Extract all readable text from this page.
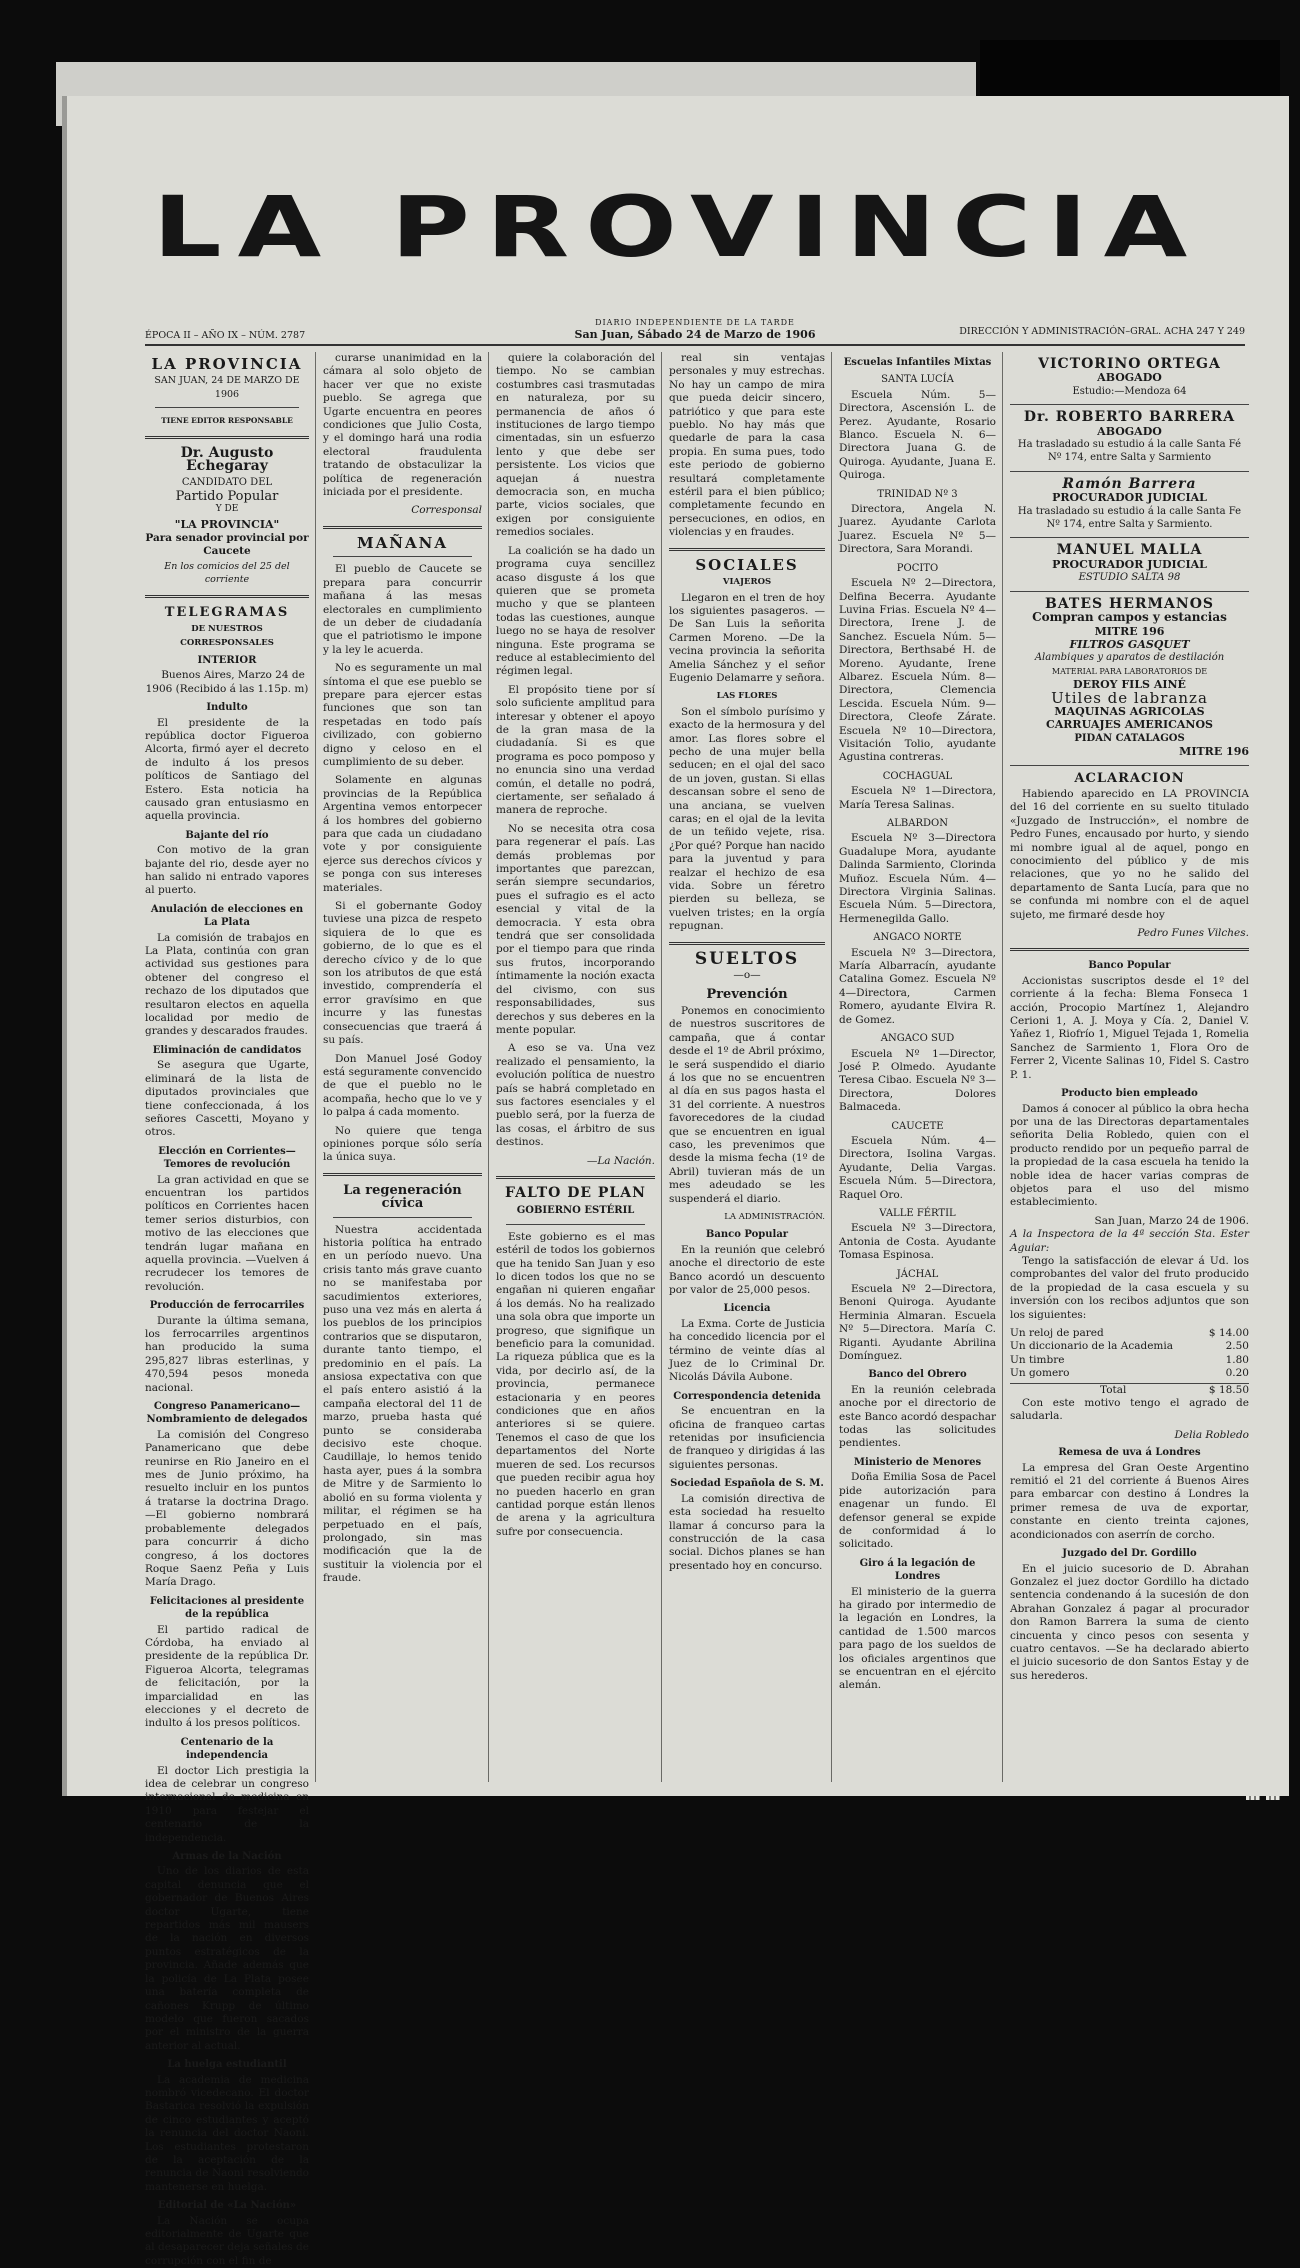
LA PROVINCIA
ÉPOCA II – AÑO IX – NÚM. 2787
DIARIO INDEPENDIENTE DE LA TARDE
San Juan, Sábado 24 de Marzo de 1906	DIRECCIÓN Y ADMINISTRACIÓN–GRAL. ACHA 247 Y 249
LA PROVINCIA
SAN JUAN, 24 DE MARZO DE 1906
TIENE EDITOR RESPONSABLE
Dr. Augusto Echegaray
CANDIDATO DEL
Partido Popular
Y DE
"LA PROVINCIA"
Para senador provincial por Caucete
En los comicios del 25 del corriente
TELEGRAMAS
DE NUESTROS CORRESPONSALES
INTERIOR

Buenos Aires, Marzo 24 de 1906 (Recibido á las 1.15p. m)

Indulto

El presidente de la república doctor Figueroa Alcorta, firmó ayer el decreto de indulto á los presos políticos de Santiago del Estero. Esta noticia ha causado gran entusiasmo en aquella provincia.

Bajante del río

Con motivo de la gran bajante del rio, desde ayer no han salido ni entrado vapores al puerto.

Anulación de elecciones en La Plata

La comisión de trabajos en La Plata, continúa con gran actividad sus gestiones para obtener del congreso el rechazo de los diputados que resultaron electos en aquella localidad por medio de grandes y descarados fraudes.

Eliminación de candidatos

Se asegura que Ugarte, eliminará de la lista de diputados provinciales que tiene confeccionada, á los señores Cascetti, Moyano y otros.

Elección en Corrientes—Temores de revolución

La gran actividad en que se encuentran los partidos políticos en Corrientes hacen temer serios disturbios, con motivo de las elecciones que tendrán lugar mañana en aquella provincia. —Vuelven á recrudecer los temores de revolución.

Producción de ferrocarriles

Durante la última semana, los ferrocarriles argentinos han producido la suma 295,827 libras esterlinas, y 470,594 pesos moneda nacional.

Congreso Panamericano—Nombramiento de delegados

La comisión del Congreso Panamericano que debe reunirse en Rio Janeiro en el mes de Junio próximo, ha resuelto incluir en los puntos á tratarse la doctrina Drago. —El gobierno nombrará probablemente delegados para concurrir á dicho congreso, á los doctores Roque Saenz Peña y Luis María Drago.

Felicitaciones al presidente de la república

El partido radical de Córdoba, ha enviado al presidente de la república Dr. Figueroa Alcorta, telegramas de felicitación, por la imparcialidad en las elecciones y el decreto de indulto á los presos políticos.

Centenario de la independencia

El doctor Lich prestigia la idea de celebrar un congreso internacional de medicina en 1910 para festejar el centenario de la independencia.

Armas de la Nación

Uno de los diarios de esta capital denuncia que el gobernador de Buenos Aires doctor Ugarte, tiene repartidos más mil mausers de la nación en diversos puntos estratégicos de la provincia. Añade además que la policía de La Plata posee una batería completa de cañones Krupp de último modelo que fueron sacados por el ministro de la guerra anterior al actual.

La huelga estudiantil

La academia de medicina nombró vicedecano. El doctor Bastarica resolvió la expulsión de cinco estudiantes y aceptó la renuncia del doctor Naoni. Los estudiantes protestaron de la aceptación de la renuncia de Naoni resolviendo mantenerse en huelga.

Editorial de «La Nación»

La Nación se ocupa editorialmente de Ugarte que al desaparecer deja señales de corrupción con el fin de

curarse unanimidad en la cámara al solo objeto de hacer ver que no existe pueblo. Se agrega que Ugarte encuentra en peores condiciones que Julio Costa, y el domingo hará una rodia electoral fraudulenta tratando de obstaculizar la política de regeneración iniciada por el presidente.

Corresponsal
MAÑANA

El pueblo de Caucete se prepara para concurrir mañana á las mesas electorales en cumplimiento de un deber de ciudadanía que el patriotismo le impone y la ley le acuerda.

No es seguramente un mal síntoma el que ese pueblo se prepare para ejercer estas funciones que son tan respetadas en todo país civilizado, con gobierno digno y celoso en el cumplimiento de su deber.

Solamente en algunas provincias de la República Argentina vemos entorpecer á los hombres del gobierno para que cada un ciudadano vote y por consiguiente ejerce sus derechos cívicos y se ponga con sus intereses materiales.

Si el gobernante Godoy tuviese una pizca de respeto siquiera de lo que es gobierno, de lo que es el derecho cívico y de lo que son los atributos de que está investido, comprendería el error gravísimo en que incurre y las funestas consecuencias que traerá á su país.

Don Manuel José Godoy está seguramente convencido de que el pueblo no le acompaña, hecho que lo ve y lo palpa á cada momento.

No quiere que tenga opiniones porque sólo sería la única suya.

La regeneración cívica

Nuestra accidentada historia política ha entrado en un período nuevo. Una crisis tanto más grave cuanto no se manifestaba por sacudimientos exteriores, puso una vez más en alerta á los pueblos de los principios contrarios que se disputaron, durante tanto tiempo, el predominio en el país. La ansiosa expectativa con que el país entero asistió á la campaña electoral del 11 de marzo, prueba hasta qué punto se consideraba decisivo este choque. Caudillaje, lo hemos tenido hasta ayer, pues á la sombra de Mitre y de Sarmiento lo abolió en su forma violenta y militar, el régimen se ha perpetuado en el país, prolongado, sin mas modificación que la de sustituir la violencia por el fraude.

quiere la colaboración del tiempo. No se cambian costumbres casi trasmutadas en naturaleza, por su permanencia de años ó instituciones de largo tiempo cimentadas, sin un esfuerzo lento y que debe ser persistente. Los vicios que aquejan á nuestra democracia son, en mucha parte, vicios sociales, que exigen por consiguiente remedios sociales.

La coalición se ha dado un programa cuya sencillez acaso disguste á los que quieren que se prometa mucho y que se planteen todas las cuestiones, aunque luego no se haya de resolver ninguna. Este programa se reduce al establecimiento del régimen legal.

El propósito tiene por sí solo suficiente amplitud para interesar y obtener el apoyo de la gran masa de la ciudadanía. Si es que programa es poco pomposo y no enuncia sino una verdad común, el detalle no podrá, ciertamente, ser señalado á manera de reproche.

No se necesita otra cosa para regenerar el país. Las demás problemas por importantes que parezcan, serán siempre secundarios, pues el sufragio es el acto esencial y vital de la democracia. Y esta obra tendrá que ser consolidada por el tiempo para que rinda sus frutos, incorporando íntimamente la noción exacta del civismo, con sus responsabilidades, sus derechos y sus deberes en la mente popular.

A eso se va. Una vez realizado el pensamiento, la evolución política de nuestro país se habrá completado en sus factores esenciales y el pueblo será, por la fuerza de las cosas, el árbitro de sus destinos.

—La Nación.
FALTO DE PLAN
GOBIERNO ESTÉRIL

Este gobierno es el mas estéril de todos los gobiernos que ha tenido San Juan y eso lo dicen todos los que no se engañan ni quieren engañar á los demás. No ha realizado una sola obra que importe un progreso, que signifique un beneficio para la comunidad. La riqueza pública que es la vida, por decirlo así, de la provincia, permanece estacionaria y en peores condiciones que en años anteriores si se quiere. Tenemos el caso de que los departamentos del Norte mueren de sed. Los recursos que pueden recibir agua hoy no pueden hacerlo en gran cantidad porque están llenos de arena y la agricultura sufre por consecuencia.

real sin ventajas personales y muy estrechas. No hay un campo de mira que pueda deicir sincero, patriótico y que para este pueblo. No hay más que quedarle de para la casa propia. En suma pues, todo este periodo de gobierno resultará completamente estéril para el bien público; completamente fecundo en persecuciones, en odios, en violencias y en fraudes.

SOCIALES
VIAJEROS

Llegaron en el tren de hoy los siguientes pasageros. —De San Luis la señorita Carmen Moreno. —De la vecina provincia la señorita Amelia Sánchez y el señor Eugenio Delamarre y señora.

LAS FLORES

Son el símbolo purísimo y exacto de la hermosura y del amor. Las flores sobre el pecho de una mujer bella seducen; en el ojal del saco de un joven, gustan. Si ellas descansan sobre el seno de una anciana, se vuelven caras; en el ojal de la levita de un teñido vejete, risa. ¿Por qué? Porque han nacido para la juventud y para realzar el hechizo de esa vida. Sobre un féretro pierden su belleza, se vuelven tristes; en la orgía repugnan.

SUELTOS
—o—
Prevención

Ponemos en conocimiento de nuestros suscritores de campaña, que á contar desde el 1º de Abril próximo, le será suspendido el diario á los que no se encuentren al día en sus pagos hasta el 31 del corriente. A nuestros favorecedores de la ciudad que se encuentren en igual caso, les prevenimos que desde la misma fecha (1º de Abril) tuvieran más de un mes adeudado se les suspenderá el diario.

LA ADMINISTRACIÓN.
Banco Popular

En la reunión que celebró anoche el directorio de este Banco acordó un descuento por valor de 25,000 pesos.

Licencia

La Exma. Corte de Justicia ha concedido licencia por el término de veinte días al Juez de lo Criminal Dr. Nicolás Dávila Aubone.

Correspondencia detenida

Se encuentran en la oficina de franqueo cartas retenidas por insuficiencia de franqueo y dirigidas á las siguientes personas.

Sociedad Española de S. M.

La comisión directiva de esta sociedad ha resuelto llamar á concurso para la construcción de la casa social. Dichos planes se han presentado hoy en concurso.

Escuelas Infantiles Mixtas
SANTA LUCÍA

Escuela Núm. 5—Directora, Ascensión L. de Perez. Ayudante, Rosario Blanco. Escuela N. 6—Directora Juana G. de Quiroga. Ayudante, Juana E. Quiroga.

TRINIDAD Nº 3

Directora, Angela N. Juarez. Ayudante Carlota Juarez. Escuela Nº 5—Directora, Sara Morandi.

POCITO

Escuela Nº 2—Directora, Delfina Becerra. Ayudante Luvina Frias. Escuela Nº 4—Directora, Irene J. de Sanchez. Escuela Núm. 5—Directora, Berthsabé H. de Moreno. Ayudante, Irene Albarez. Escuela Núm. 8—Directora, Clemencia Lescida. Escuela Núm. 9—Directora, Cleofe Zárate. Escuela Nº 10—Directora, Visitación Tolio, ayudante Agustina contreras.

COCHAGUAL

Escuela Nº 1—Directora, María Teresa Salinas.

ALBARDON

Escuela Nº 3—Directora Guadalupe Mora, ayudante Dalinda Sarmiento, Clorinda Muñoz. Escuela Núm. 4—Directora Virginia Salinas. Escuela Núm. 5—Directora, Hermenegilda Gallo.

ANGACO NORTE

Escuela Nº 3—Directora, María Albarracín, ayudante Catalina Gomez. Escuela Nº 4—Directora, Carmen Romero, ayudante Elvira R. de Gomez.

ANGACO SUD

Escuela Nº 1—Director, José P. Olmedo. Ayudante Teresa Cibao. Escuela Nº 3—Directora, Dolores Balmaceda.

CAUCETE

Escuela Núm. 4—Directora, Isolina Vargas. Ayudante, Delia Vargas. Escuela Núm. 5—Directora, Raquel Oro.

VALLE FÉRTIL

Escuela Nº 3—Directora, Antonia de Costa. Ayudante Tomasa Espinosa.

JÁCHAL

Escuela Nº 2—Directora, Benoni Quiroga. Ayudante Herminia Almaran. Escuela Nº 5—Directora. María C. Riganti. Ayudante Abrilina Domínguez.

Banco del Obrero

En la reunión celebrada anoche por el directorio de este Banco acordó despachar todas las solicitudes pendientes.

Ministerio de Menores

Doña Emilia Sosa de Pacel pide autorización para enagenar un fundo. El defensor general se expide de conformidad á lo solicitado.

Giro á la legación de Londres

El ministerio de la guerra ha girado por intermedio de la legación en Londres, la cantidad de 1.500 marcos para pago de los sueldos de los oficiales argentinos que se encuentran en el ejército alemán.

VICTORINO ORTEGA
ABOGADO
Estudio:—Mendoza 64
Dr. ROBERTO BARRERA
ABOGADO
Ha trasladado su estudio á la calle Santa Fé Nº 174, entre Salta y Sarmiento
Ramón Barrera
PROCURADOR JUDICIAL
Ha trasladado su estudio á la calle Santa Fe Nº 174, entre Salta y Sarmiento.
MANUEL MALLA
PROCURADOR JUDICIAL
ESTUDIO SALTA 98
BATES HERMANOS
Compran campos y estancias
MITRE 196
FILTROS GASQUET
Alambiques y aparatos de destilación
MATERIAL PARA LABORATORIOS DE
DEROY FILS AINÉ
Utiles de labranza
MAQUINAS AGRICOLAS
CARRUAJES AMERICANOS
PIDAN CATALAGOS
MITRE 196
ACLARACION

Habiendo aparecido en LA PROVINCIA del 16 del corriente en su suelto titulado «Juzgado de Instrucción», el nombre de Pedro Funes, encausado por hurto, y siendo mi nombre igual al de aquel, pongo en conocimiento del público y de mis relaciones, que yo no he salido del departamento de Santa Lucía, para que no se confunda mi nombre con el de aquel sujeto, me firmaré desde hoy

Pedro Funes Vilches.
Banco Popular

Accionistas suscriptos desde el 1º del corriente á la fecha: Blema Fonseca 1 acción, Procopio Martínez 1, Alejandro Cerioni 1, A. J. Moya y Cía. 2, Daniel V. Yañez 1, Riofrío 1, Miguel Tejada 1, Romelia Sanchez de Sarmiento 1, Flora Oro de Ferrer 2, Vicente Salinas 10, Fidel S. Castro P. 1.

Producto bien empleado

Damos á conocer al público la obra hecha por una de las Directoras departamentales señorita Delia Robledo, quien con el producto rendido por un pequeño parral de la propiedad de la casa escuela ha tenido la noble idea de hacer varias compras de objetos para el uso del mismo establecimiento.

San Juan, Marzo 24 de 1906.
A la Inspectora de la 4ª sección Sta. Ester Aguiar:

Tengo la satisfacción de elevar á Ud. los comprobantes del valor del fruto producido de la propiedad de la casa escuela y su inversión con los recibos adjuntos que son los siguientes:

Un reloj de pared	$ 14.00
Un diccionario de la Academia	2.50
Un timbre	1.80
Un gomero	0.20
Total	$ 18.50

Con este motivo tengo el agrado de saludarla.

Delia Robledo
Remesa de uva á Londres

La empresa del Gran Oeste Argentino remitió el 21 del corriente á Buenos Aires para embarcar con destino á Londres la primer remesa de uva de exportar, constante en ciento treinta cajones, acondicionados con aserrín de corcho.

Juzgado del Dr. Gordillo

En el juicio sucesorio de D. Abrahan Gonzalez el juez doctor Gordillo ha dictado sentencia condenando á la sucesión de don Abrahan Gonzalez á pagar al procurador don Ramon Barrera la suma de ciento cincuenta y cinco pesos con sesenta y cuatro centavos. —Se ha declarado abierto el juicio sucesorio de don Santos Estay y de sus herederos.
